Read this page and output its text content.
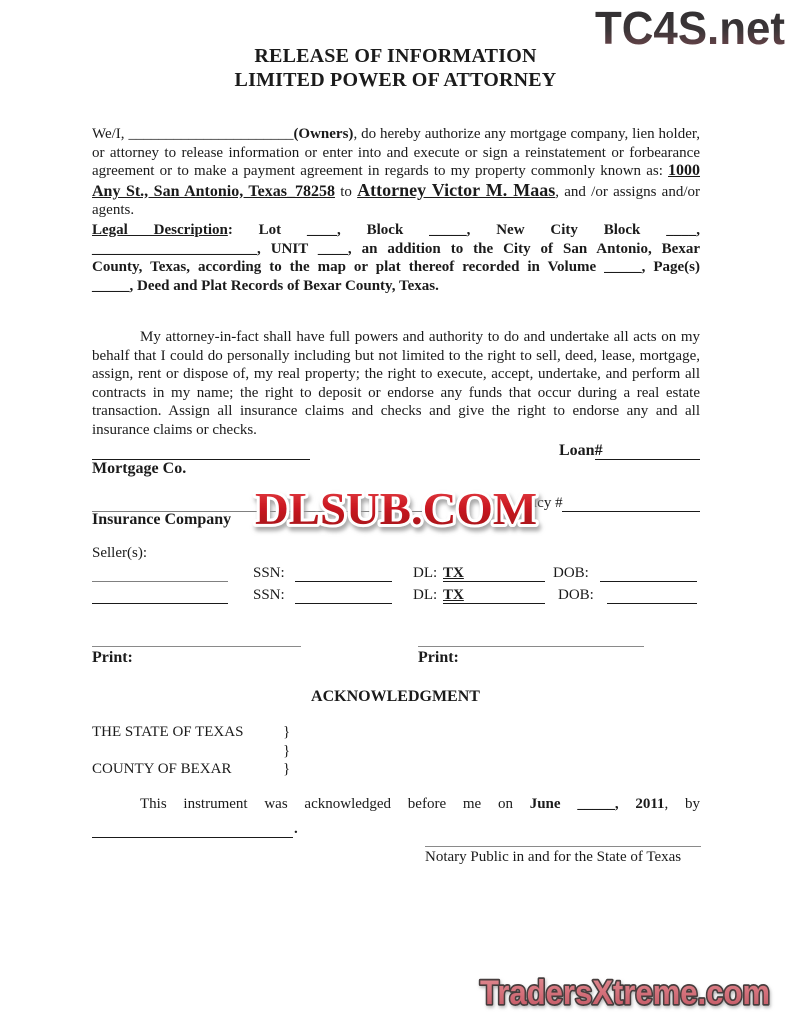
TC4S.net
RELEASE OF INFORMATION
LIMITED POWER OF ATTORNEY

We/I, ______________________(Owners), do hereby authorize any mortgage company, lien holder, or attorney to release information or enter into and execute or sign a reinstatement or forbearance agreement or to make a payment agreement in regards to my property commonly known as: 1000 Any St., San Antonio, Texas_78258 to Attorney Victor M. Maas, and /or assigns and/or agents.

Legal Description: Lot ____, Block _____, New City Block ____,
______________________, UNIT ____, an addition to the City of San Antonio, Bexar
County, Texas, according to the map or plat thereof recorded in Volume _____, Page(s)
_____, Deed and Plat Records of Bexar County, Texas.

My attorney-in-fact shall have full powers and authority to do and undertake all acts on my behalf that I could do personally including but not limited to the right to sell, deed, lease, mortgage, assign, rent or dispose of, my real property; the right to execute, accept, undertake, and perform all contracts in my name; the right to deposit or endorse any funds that occur during a real estate transaction. Assign all insurance claims and checks and give the right to endorse any and all insurance claims or checks.

Loan#
Mortgage Co.
icy #
Insurance Company
Seller(s):
SSN:	DL: TX	DOB:
SSN:	DL: TX	DOB:
Print:	Print:
ACKNOWLEDGMENT
THE STATE OF TEXAS	}
}
COUNTY OF BEXAR	}
This instrument was acknowledged before me on June _____, 2011, by
.
Notary Public in and for the State of Texas
DLSUB.COM
TradersXtreme.com
